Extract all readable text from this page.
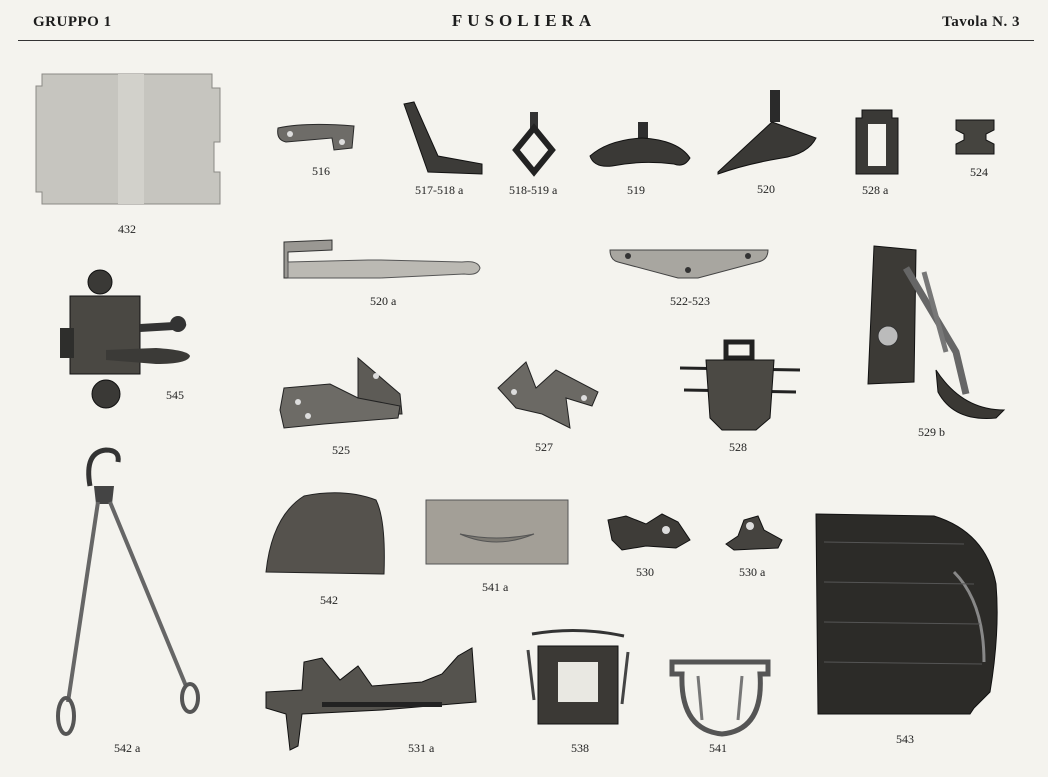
GRUPPO 1	FUSOLIERA	Tavola N. 3
432
516
517-518 a	518-519 a	519	520	528 a
524
520 a	522-523
545
529 b
525	527	528
542 a
542
541 a
530	530 a
543
531 a	538	541
